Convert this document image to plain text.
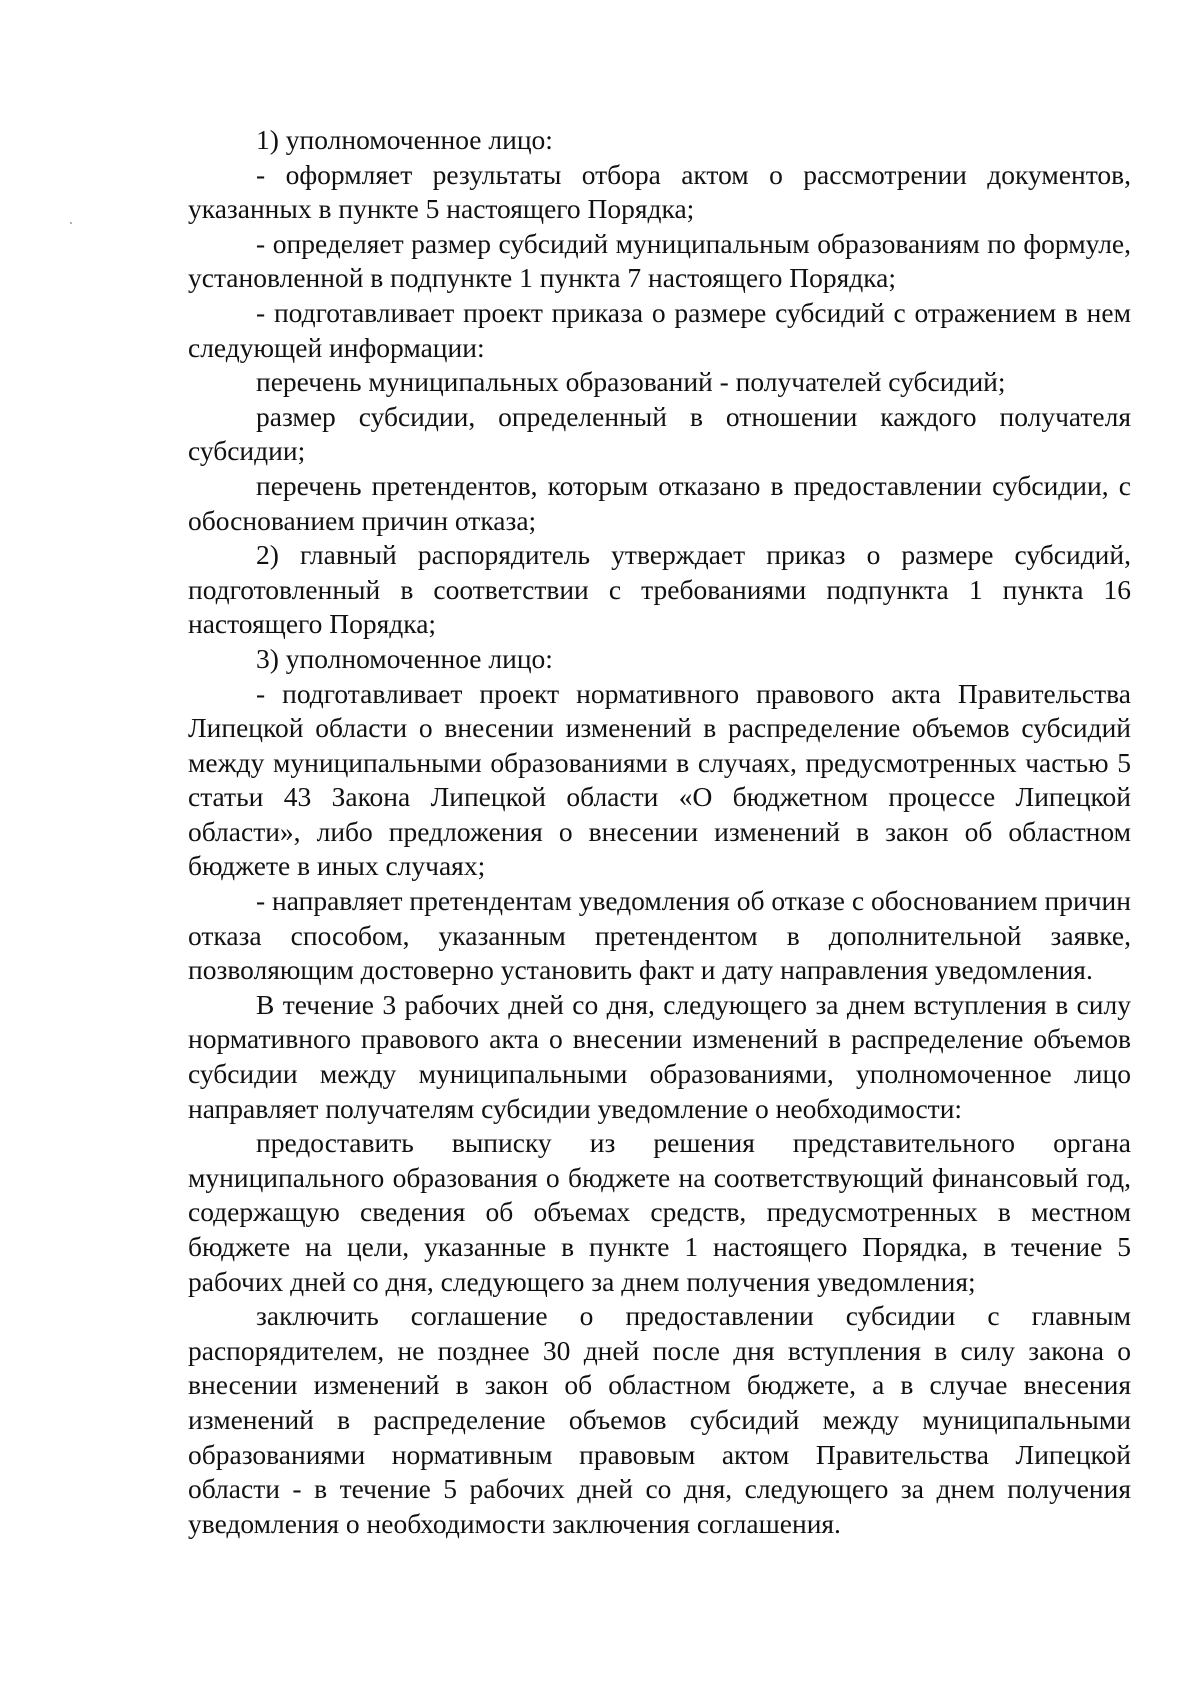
1) уполномоченное лицо:

- оформляет результаты отбора актом о рассмотрении документов, указанных в пункте 5 настоящего Порядка;

- определяет размер субсидий муниципальным образованиям по формуле, установленной в подпункте 1 пункта 7 настоящего Порядка;

- подготавливает проект приказа о размере субсидий с отражением в нем следующей информации:

перечень муниципальных образований - получателей субсидий;

размер субсидии, определенный в отношении каждого получателя субсидии;

перечень претендентов, которым отказано в предоставлении субсидии, с обоснованием причин отказа;

2) главный распорядитель утверждает приказ о размере субсидий, подготовленный в соответствии с требованиями подпункта 1 пункта 16 настоящего Порядка;

3) уполномоченное лицо:

- подготавливает проект нормативного правового акта Правительства Липецкой области о внесении изменений в распределение объемов субсидий между муниципальными образованиями в случаях, предусмотренных частью 5 статьи 43 Закона Липецкой области «О бюджетном процессе Липецкой области», либо предложения о внесении изменений в закон об областном бюджете в иных случаях;

- направляет претендентам уведомления об отказе с обоснованием причин отказа способом, указанным претендентом в дополнительной заявке, позволяющим достоверно установить факт и дату направления уведомления.

В течение 3 рабочих дней со дня, следующего за днем вступления в силу нормативного правового акта о внесении изменений в распределение объемов субсидии между муниципальными образованиями, уполномоченное лицо направляет получателям субсидии уведомление о необходимости:

предоставить выписку из решения представительного органа муниципального образования о бюджете на соответствующий финансовый год, содержащую сведения об объемах средств, предусмотренных в местном бюджете на цели, указанные в пункте 1 настоящего Порядка, в течение 5 рабочих дней со дня, следующего за днем получения уведомления;

заключить соглашение о предоставлении субсидии с главным распорядителем, не позднее 30 дней после дня вступления в силу закона о внесении изменений в закон об областном бюджете, а в случае внесения изменений в распределение объемов субсидий между муниципальными образованиями нормативным правовым актом Правительства Липецкой области - в течение 5 рабочих дней со дня, следующего за днем получения уведомления о необходимости заключения соглашения.
